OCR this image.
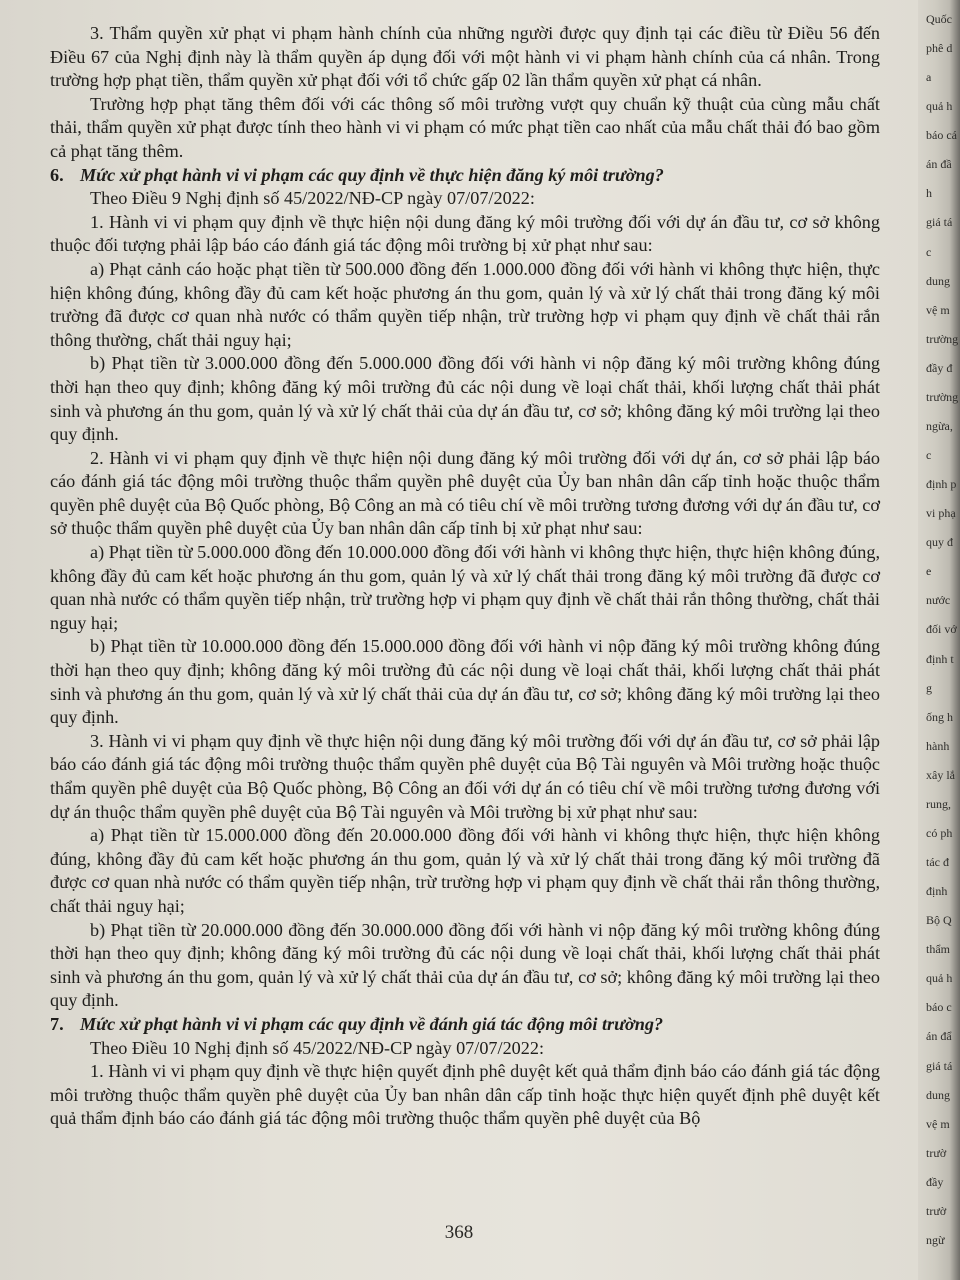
3. Thẩm quyền xử phạt vi phạm hành chính của những người được quy định tại các điều từ Điều 56 đến Điều 67 của Nghị định này là thẩm quyền áp dụng đối với một hành vi vi phạm hành chính của cá nhân. Trong trường hợp phạt tiền, thẩm quyền xử phạt đối với tổ chức gấp 02 lần thẩm quyền xử phạt cá nhân.

Trường hợp phạt tăng thêm đối với các thông số môi trường vượt quy chuẩn kỹ thuật của cùng mẫu chất thải, thẩm quyền xử phạt được tính theo hành vi vi phạm có mức phạt tiền cao nhất của mẫu chất thải đó bao gồm cả phạt tăng thêm.

6. Mức xử phạt hành vi vi phạm các quy định về thực hiện đăng ký môi trường?

Theo Điều 9 Nghị định số 45/2022/NĐ-CP ngày 07/07/2022:

1. Hành vi vi phạm quy định về thực hiện nội dung đăng ký môi trường đối với dự án đầu tư, cơ sở không thuộc đối tượng phải lập báo cáo đánh giá tác động môi trường bị xử phạt như sau:

a) Phạt cảnh cáo hoặc phạt tiền từ 500.000 đồng đến 1.000.000 đồng đối với hành vi không thực hiện, thực hiện không đúng, không đầy đủ cam kết hoặc phương án thu gom, quản lý và xử lý chất thải trong đăng ký môi trường đã được cơ quan nhà nước có thẩm quyền tiếp nhận, trừ trường hợp vi phạm quy định về chất thải rắn thông thường, chất thải nguy hại;

b) Phạt tiền từ 3.000.000 đồng đến 5.000.000 đồng đối với hành vi nộp đăng ký môi trường không đúng thời hạn theo quy định; không đăng ký môi trường đủ các nội dung về loại chất thải, khối lượng chất thải phát sinh và phương án thu gom, quản lý và xử lý chất thải của dự án đầu tư, cơ sở; không đăng ký môi trường lại theo quy định.

2. Hành vi vi phạm quy định về thực hiện nội dung đăng ký môi trường đối với dự án, cơ sở phải lập báo cáo đánh giá tác động môi trường thuộc thẩm quyền phê duyệt của Ủy ban nhân dân cấp tỉnh hoặc thuộc thẩm quyền phê duyệt của Bộ Quốc phòng, Bộ Công an mà có tiêu chí về môi trường tương đương với dự án đầu tư, cơ sở thuộc thẩm quyền phê duyệt của Ủy ban nhân dân cấp tỉnh bị xử phạt như sau:

a) Phạt tiền từ 5.000.000 đồng đến 10.000.000 đồng đối với hành vi không thực hiện, thực hiện không đúng, không đầy đủ cam kết hoặc phương án thu gom, quản lý và xử lý chất thải trong đăng ký môi trường đã được cơ quan nhà nước có thẩm quyền tiếp nhận, trừ trường hợp vi phạm quy định về chất thải rắn thông thường, chất thải nguy hại;

b) Phạt tiền từ 10.000.000 đồng đến 15.000.000 đồng đối với hành vi nộp đăng ký môi trường không đúng thời hạn theo quy định; không đăng ký môi trường đủ các nội dung về loại chất thải, khối lượng chất thải phát sinh và phương án thu gom, quản lý và xử lý chất thải của dự án đầu tư, cơ sở; không đăng ký môi trường lại theo quy định.

3. Hành vi vi phạm quy định về thực hiện nội dung đăng ký môi trường đối với dự án đầu tư, cơ sở phải lập báo cáo đánh giá tác động môi trường thuộc thẩm quyền phê duyệt của Bộ Tài nguyên và Môi trường hoặc thuộc thẩm quyền phê duyệt của Bộ Quốc phòng, Bộ Công an đối với dự án có tiêu chí về môi trường tương đương với dự án thuộc thẩm quyền phê duyệt của Bộ Tài nguyên và Môi trường bị xử phạt như sau:

a) Phạt tiền từ 15.000.000 đồng đến 20.000.000 đồng đối với hành vi không thực hiện, thực hiện không đúng, không đầy đủ cam kết hoặc phương án thu gom, quản lý và xử lý chất thải trong đăng ký môi trường đã được cơ quan nhà nước có thẩm quyền tiếp nhận, trừ trường hợp vi phạm quy định về chất thải rắn thông thường, chất thải nguy hại;

b) Phạt tiền từ 20.000.000 đồng đến 30.000.000 đồng đối với hành vi nộp đăng ký môi trường không đúng thời hạn theo quy định; không đăng ký môi trường đủ các nội dung về loại chất thải, khối lượng chất thải phát sinh và phương án thu gom, quản lý và xử lý chất thải của dự án đầu tư, cơ sở; không đăng ký môi trường lại theo quy định.

7. Mức xử phạt hành vi vi phạm các quy định về đánh giá tác động môi trường?

Theo Điều 10 Nghị định số 45/2022/NĐ-CP ngày 07/07/2022:

1. Hành vi vi phạm quy định về thực hiện quyết định phê duyệt kết quả thẩm định báo cáo đánh giá tác động môi trường thuộc thẩm quyền phê duyệt của Ủy ban nhân dân cấp tỉnh hoặc thực hiện quyết định phê duyệt kết quả thẩm định báo cáo đánh giá tác động môi trường thuộc thẩm quyền phê duyệt của Bộ

368
Quốc
phê d
a
quả h
báo cá
án đầ
h
giá tá
c
dung
vệ m
trường
đầy đ
trường
ngừa,
c
định p
vi phạ
quy đ
e
nước
đối vớ
định t
g
ống h
hành
xây lắ
rung,
có ph
tác đ
định
Bộ Q
thẩm
quả h
báo c
án đẩ
giá tá
dung
vệ m
trườ
đầy
trườ
ngừ
